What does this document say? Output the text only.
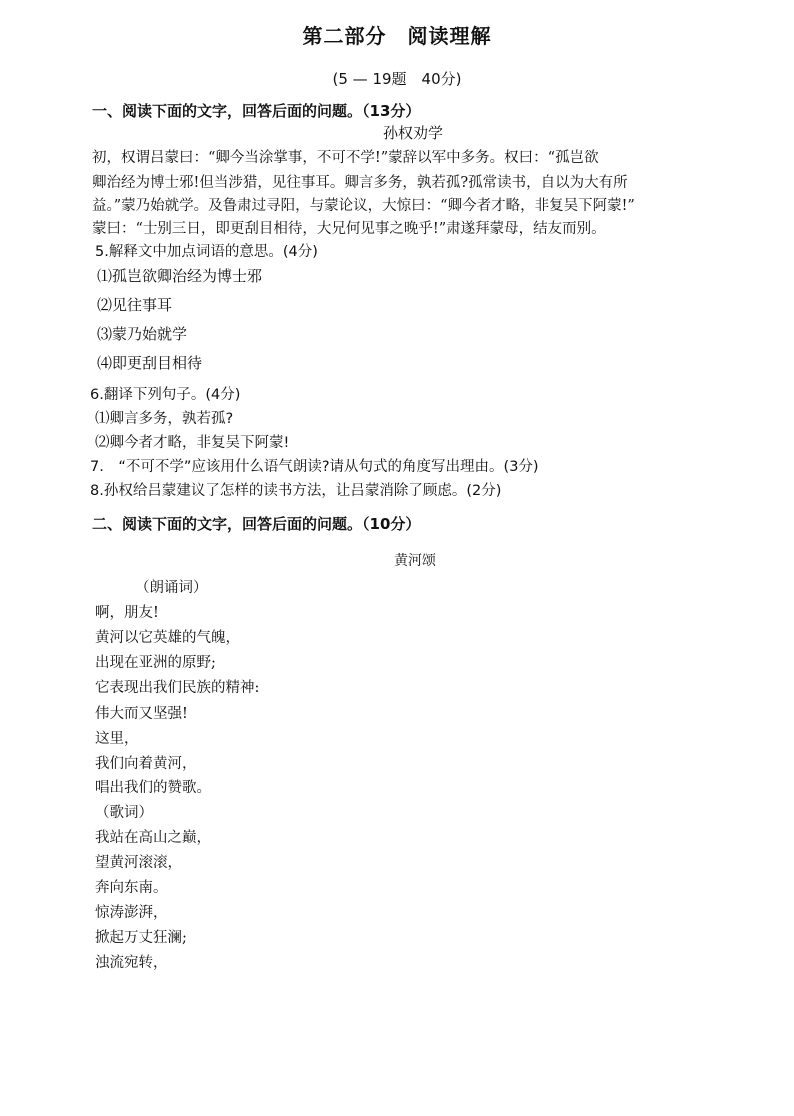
第二部分　阅读理解
(5 — 19题　40分)
一、阅读下面的文字，回答后面的问题。（13分）
孙权劝学
初，权谓吕蒙曰：“卿今当涂掌事，不可不学!”蒙辞以军中多务。权曰：“孤岂欲
卿治经为博士邪!但当涉猎，见往事耳。卿言多务，孰若孤?孤常读书，自以为大有所
益。”蒙乃始就学。及鲁肃过寻阳，与蒙论议，大惊曰：“卿今者才略，非复吴下阿蒙!”
蒙曰：“士别三日，即更刮目相待，大兄何见事之晚乎!”肃遂拜蒙母，结友而别。
5.解释文中加点词语的意思。(4分)
⑴孤岂欲卿治经为博士邪
⑵见往事耳
⑶蒙乃始就学
⑷即更刮目相待
6.翻译下列句子。(4分)
⑴卿言多务，孰若孤?
⑵卿今者才略，非复吴下阿蒙!
7.　“不可不学”应该用什么语气朗读?请从句式的角度写出理由。(3分)
8.孙权给吕蒙建议了怎样的读书方法，让吕蒙消除了顾虑。(2分)
二、阅读下面的文字，回答后面的问题。（10分）
黄河颂
（朗诵词）
啊，朋友!
黄河以它英雄的气魄，
出现在亚洲的原野;
它表现出我们民族的精神:
伟大而又坚强!
这里，
我们向着黄河，
唱出我们的赞歌。
（歌词）
我站在高山之巅，
望黄河滚滚，
奔向东南。
惊涛澎湃，
掀起万丈狂澜;
浊流宛转，
